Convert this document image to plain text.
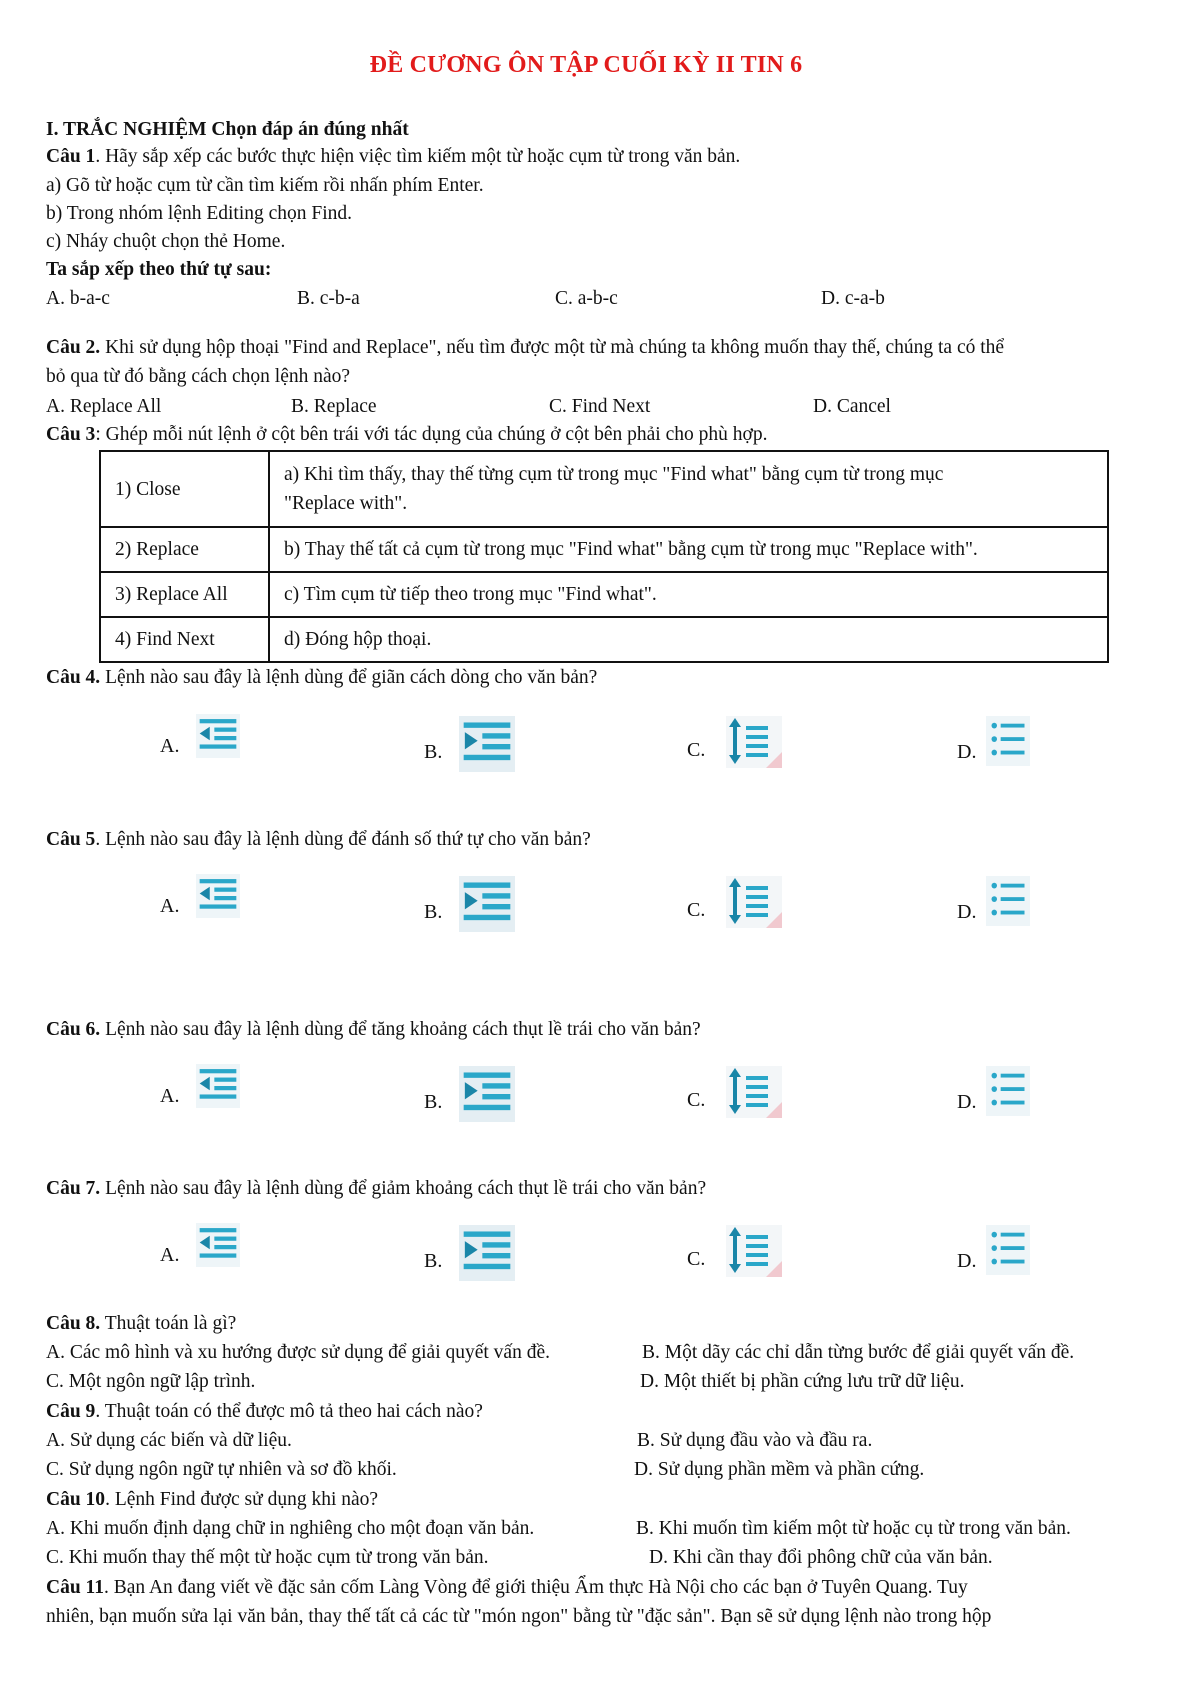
ĐỀ CƯƠNG ÔN TẬP CUỐI KỲ II TIN 6
I. TRẮC NGHIỆM Chọn đáp án đúng nhất
Câu 1. Hãy sắp xếp các bước thực hiện việc tìm kiếm một từ hoặc cụm từ trong văn bản.
a) Gõ từ hoặc cụm từ cần tìm kiếm rồi nhấn phím Enter.
b) Trong nhóm lệnh Editing chọn Find.
c) Nháy chuột chọn thẻ Home.
Ta sắp xếp theo thứ tự sau:
A. b-a-c	B. c-b-a	C. a-b-c	D. c-a-b
Câu 2. Khi sử dụng hộp thoại "Find and Replace", nếu tìm được một từ mà chúng ta không muốn thay thế, chúng ta có thể
bỏ qua từ đó bằng cách chọn lệnh nào?
A. Replace All	B. Replace	C. Find Next	D. Cancel
Câu 3: Ghép mỗi nút lệnh ở cột bên trái với tác dụng của chúng ở cột bên phải cho phù hợp.
1) Close	a) Khi tìm thấy, thay thế từng cụm từ trong mục "Find what" bằng cụm từ trong mục
"Replace with".
2) Replace	b) Thay thế tất cả cụm từ trong mục "Find what" bằng cụm từ trong mục "Replace with".
3) Replace All	c) Tìm cụm từ tiếp theo trong mục "Find what".
4) Find Next	d) Đóng hộp thoại.
Câu 4. Lệnh nào sau đây là lệnh dùng để giãn cách dòng cho văn bản?
Câu 5. Lệnh nào sau đây là lệnh dùng để đánh số thứ tự cho văn bản?
Câu 6. Lệnh nào sau đây là lệnh dùng để tăng khoảng cách thụt lề trái cho văn bản?
Câu 7. Lệnh nào sau đây là lệnh dùng để giảm khoảng cách thụt lề trái cho văn bản?
Câu 8. Thuật toán là gì?
A. Các mô hình và xu hướng được sử dụng để giải quyết vấn đề.	B. Một dãy các chỉ dẫn từng bước để giải quyết vấn đề.
C. Một ngôn ngữ lập trình.	D. Một thiết bị phần cứng lưu trữ dữ liệu.
Câu 9. Thuật toán có thể được mô tả theo hai cách nào?
A. Sử dụng các biến và dữ liệu.	B. Sử dụng đầu vào và đầu ra.
C. Sử dụng ngôn ngữ tự nhiên và sơ đồ khối.	D. Sử dụng phần mềm và phần cứng.
Câu 10. Lệnh Find được sử dụng khi nào?
A. Khi muốn định dạng chữ in nghiêng cho một đoạn văn bản.	B. Khi muốn tìm kiếm một từ hoặc cụ từ trong văn bản.
C. Khi muốn thay thế một từ hoặc cụm từ trong văn bản.	D. Khi cần thay đổi phông chữ của văn bản.
Câu 11. Bạn An đang viết về đặc sản cốm Làng Vòng để giới thiệu Ẩm thực Hà Nội cho các bạn ở Tuyên Quang. Tuy
nhiên, bạn muốn sửa lại văn bản, thay thế tất cả các từ "món ngon" bằng từ "đặc sản". Bạn sẽ sử dụng lệnh nào trong hộp
A.	B.	C.	D.
A.	B.	C.	D.
A.	B.	C.	D.
A.	B.	C.	D.
